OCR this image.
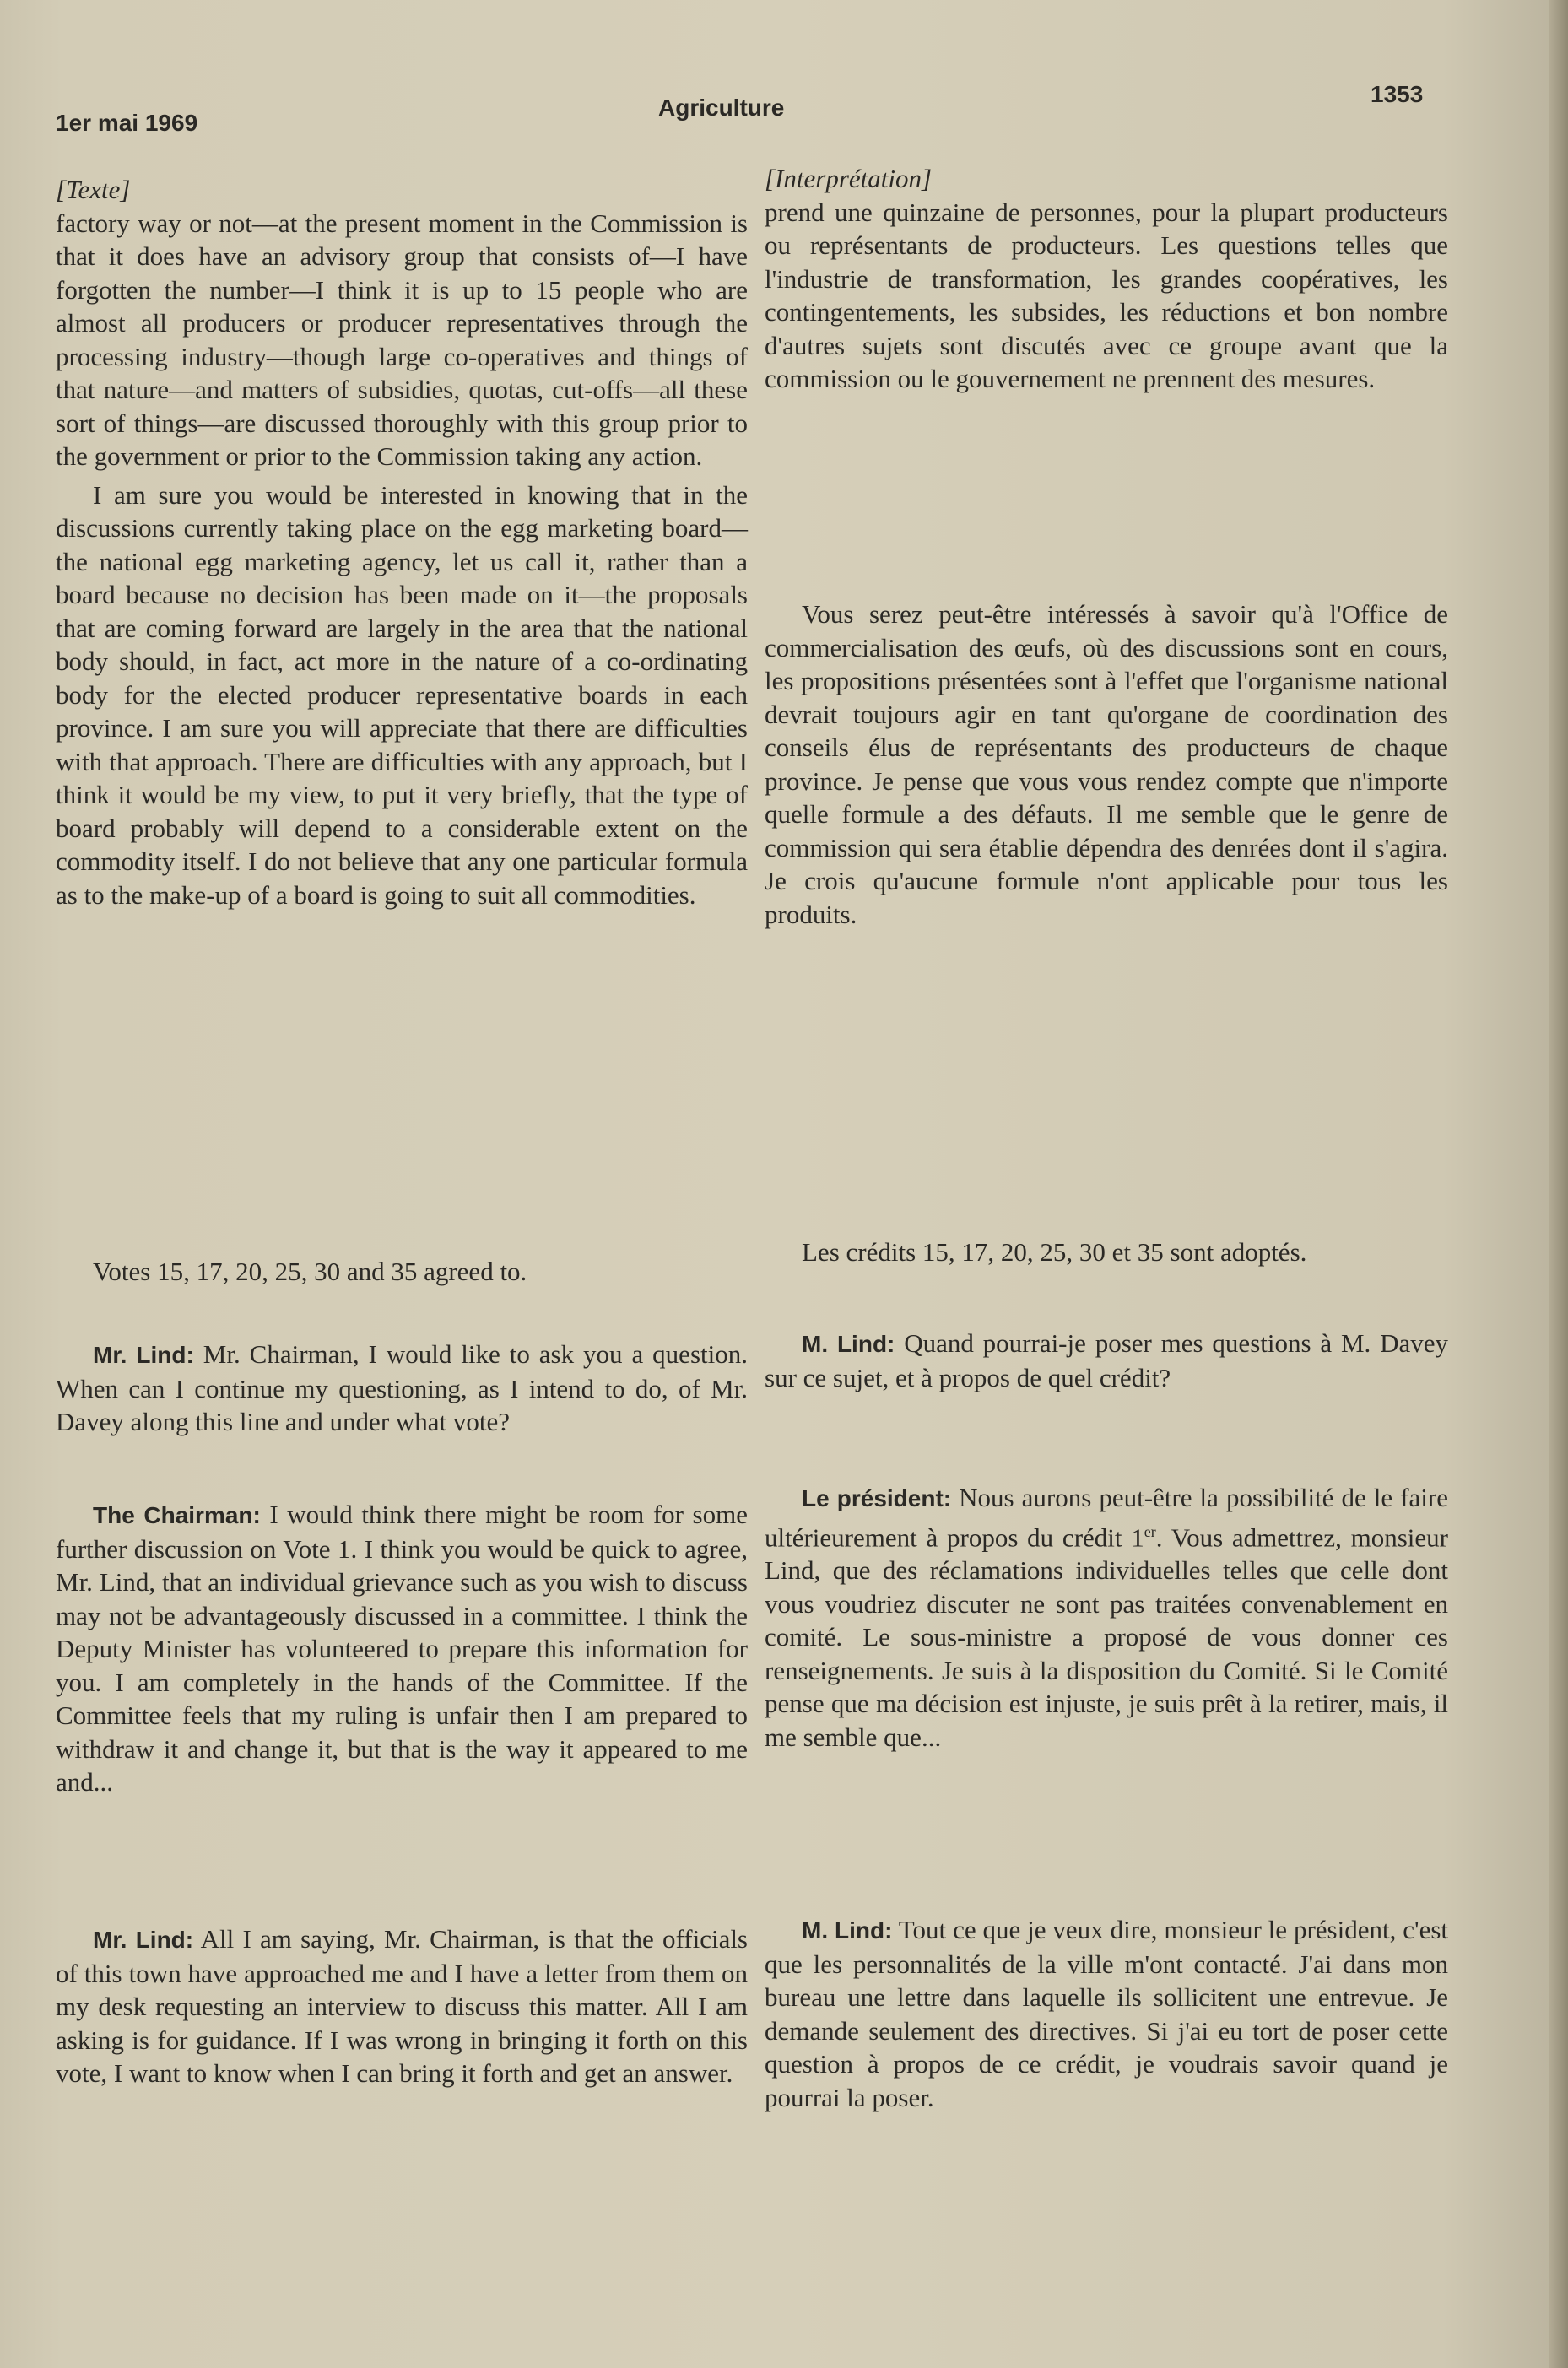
1er mai 1969
Agriculture
1353

[Texte]

factory way or not—at the present moment in the Commission is that it does have an advisory group that consists of—I have forgotten the number—I think it is up to 15 people who are almost all producers or producer representatives through the processing industry—though large co-operatives and things of that nature—and matters of subsidies, quotas, cut-offs—all these sort of things—are discussed thoroughly with this group prior to the government or prior to the Commission taking any action.

I am sure you would be interested in knowing that in the discussions currently taking place on the egg marketing board—the national egg marketing agency, let us call it, rather than a board because no decision has been made on it—the proposals that are coming forward are largely in the area that the national body should, in fact, act more in the nature of a co-ordinating body for the elected producer representative boards in each province. I am sure you will appreciate that there are difficulties with that approach. There are difficulties with any approach, but I think it would be my view, to put it very briefly, that the type of board probably will depend to a considerable extent on the commodity itself. I do not believe that any one particular formula as to the make-up of a board is going to suit all commodities.

Votes 15, 17, 20, 25, 30 and 35 agreed to.

Mr. Lind: Mr. Chairman, I would like to ask you a question. When can I continue my questioning, as I intend to do, of Mr. Davey along this line and under what vote?

The Chairman: I would think there might be room for some further discussion on Vote 1. I think you would be quick to agree, Mr. Lind, that an individual grievance such as you wish to discuss may not be advantageously discussed in a committee. I think the Deputy Minister has volunteered to prepare this information for you. I am completely in the hands of the Committee. If the Committee feels that my ruling is unfair then I am prepared to withdraw it and change it, but that is the way it appeared to me and...

Mr. Lind: All I am saying, Mr. Chairman, is that the officials of this town have approached me and I have a letter from them on my desk requesting an interview to discuss this matter. All I am asking is for guidance. If I was wrong in bringing it forth on this vote, I want to know when I can bring it forth and get an answer.

[Interprétation]

prend une quinzaine de personnes, pour la plupart producteurs ou représentants de producteurs. Les questions telles que l'industrie de transformation, les grandes coopératives, les contingentements, les subsides, les réductions et bon nombre d'autres sujets sont discutés avec ce groupe avant que la commission ou le gouvernement ne prennent des mesures.

Vous serez peut-être intéressés à savoir qu'à l'Office de commercialisation des œufs, où des discussions sont en cours, les propositions présentées sont à l'effet que l'organisme national devrait toujours agir en tant qu'organe de coordination des conseils élus de représentants des producteurs de chaque province. Je pense que vous vous rendez compte que n'importe quelle formule a des défauts. Il me semble que le genre de commission qui sera établie dépendra des denrées dont il s'agira. Je crois qu'aucune formule n'ont applicable pour tous les produits.

Les crédits 15, 17, 20, 25, 30 et 35 sont adoptés.

M. Lind: Quand pourrai-je poser mes questions à M. Davey sur ce sujet, et à propos de quel crédit?

Le président: Nous aurons peut-être la possibilité de le faire ultérieurement à propos du crédit 1er. Vous admettrez, monsieur Lind, que des réclamations individuelles telles que celle dont vous voudriez discuter ne sont pas traitées convenablement en comité. Le sous-ministre a proposé de vous donner ces renseignements. Je suis à la disposition du Comité. Si le Comité pense que ma décision est injuste, je suis prêt à la retirer, mais, il me semble que...

M. Lind: Tout ce que je veux dire, monsieur le président, c'est que les personnalités de la ville m'ont contacté. J'ai dans mon bureau une lettre dans laquelle ils sollicitent une entrevue. Je demande seulement des directives. Si j'ai eu tort de poser cette question à propos de ce crédit, je voudrais savoir quand je pourrai la poser.
